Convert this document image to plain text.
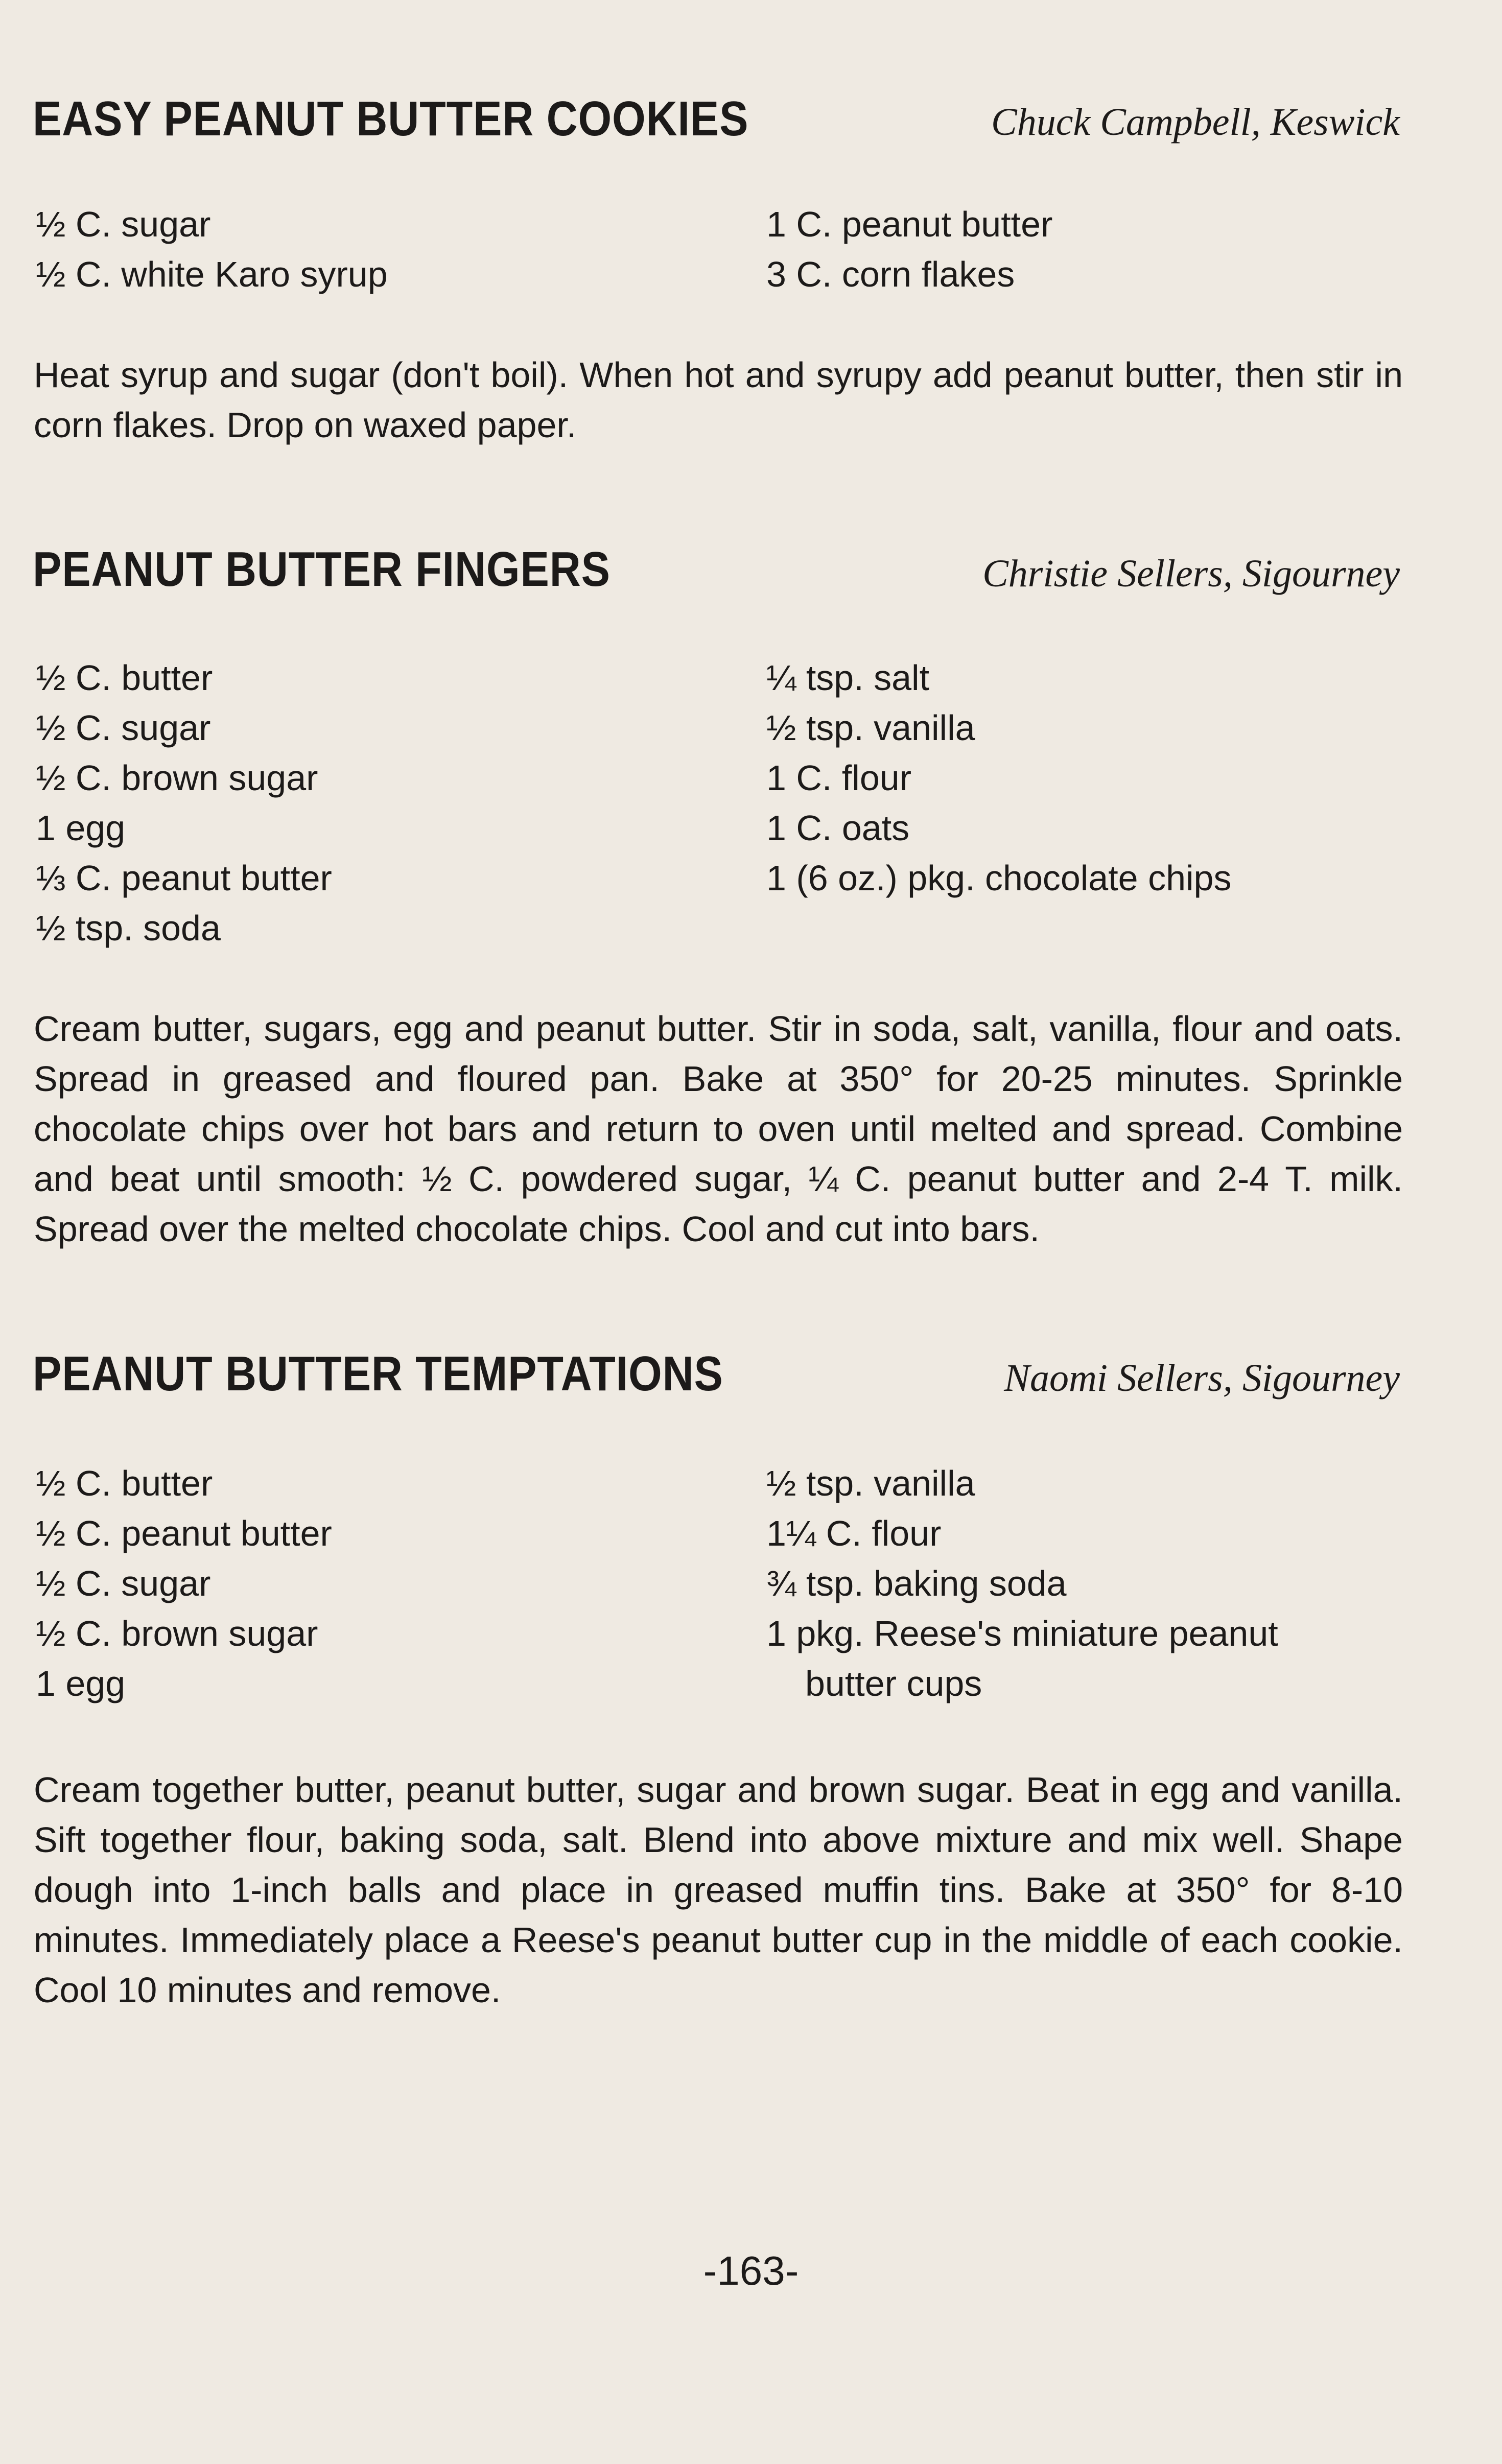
EASY PEANUT BUTTER COOKIES	Chuck Campbell, Keswick

½ C. sugar
½ C. white Karo syrup
1 C. peanut butter
3 C. corn flakes

Heat syrup and sugar (don't boil). When hot and syrupy add peanut butter, then stir in corn flakes. Drop on waxed paper.

PEANUT BUTTER FINGERS	Christie Sellers, Sigourney

½ C. butter
½ C. sugar
½ C. brown sugar
1 egg
⅓ C. peanut butter
½ tsp. soda
¼ tsp. salt
½ tsp. vanilla
1 C. flour
1 C. oats
1 (6 oz.) pkg. chocolate chips

Cream butter, sugars, egg and peanut butter. Stir in soda, salt, vanilla, flour and oats. Spread in greased and floured pan. Bake at 350° for 20-25 minutes. Sprinkle chocolate chips over hot bars and return to oven until melted and spread. Combine and beat until smooth: ½ C. powdered sugar, ¼ C. peanut butter and 2-4 T. milk. Spread over the melted chocolate chips. Cool and cut into bars.

PEANUT BUTTER TEMPTATIONS	Naomi Sellers, Sigourney

½ C. butter
½ C. peanut butter
½ C. sugar
½ C. brown sugar
1 egg
½ tsp. vanilla
1¼ C. flour
¾ tsp. baking soda
1 pkg. Reese's miniature peanut
butter cups

Cream together butter, peanut butter, sugar and brown sugar. Beat in egg and vanilla. Sift together flour, baking soda, salt. Blend into above mixture and mix well. Shape dough into 1-inch balls and place in greased muffin tins. Bake at 350° for 8-10 minutes. Immediately place a Reese's peanut butter cup in the middle of each cookie. Cool 10 minutes and remove.

-163-
